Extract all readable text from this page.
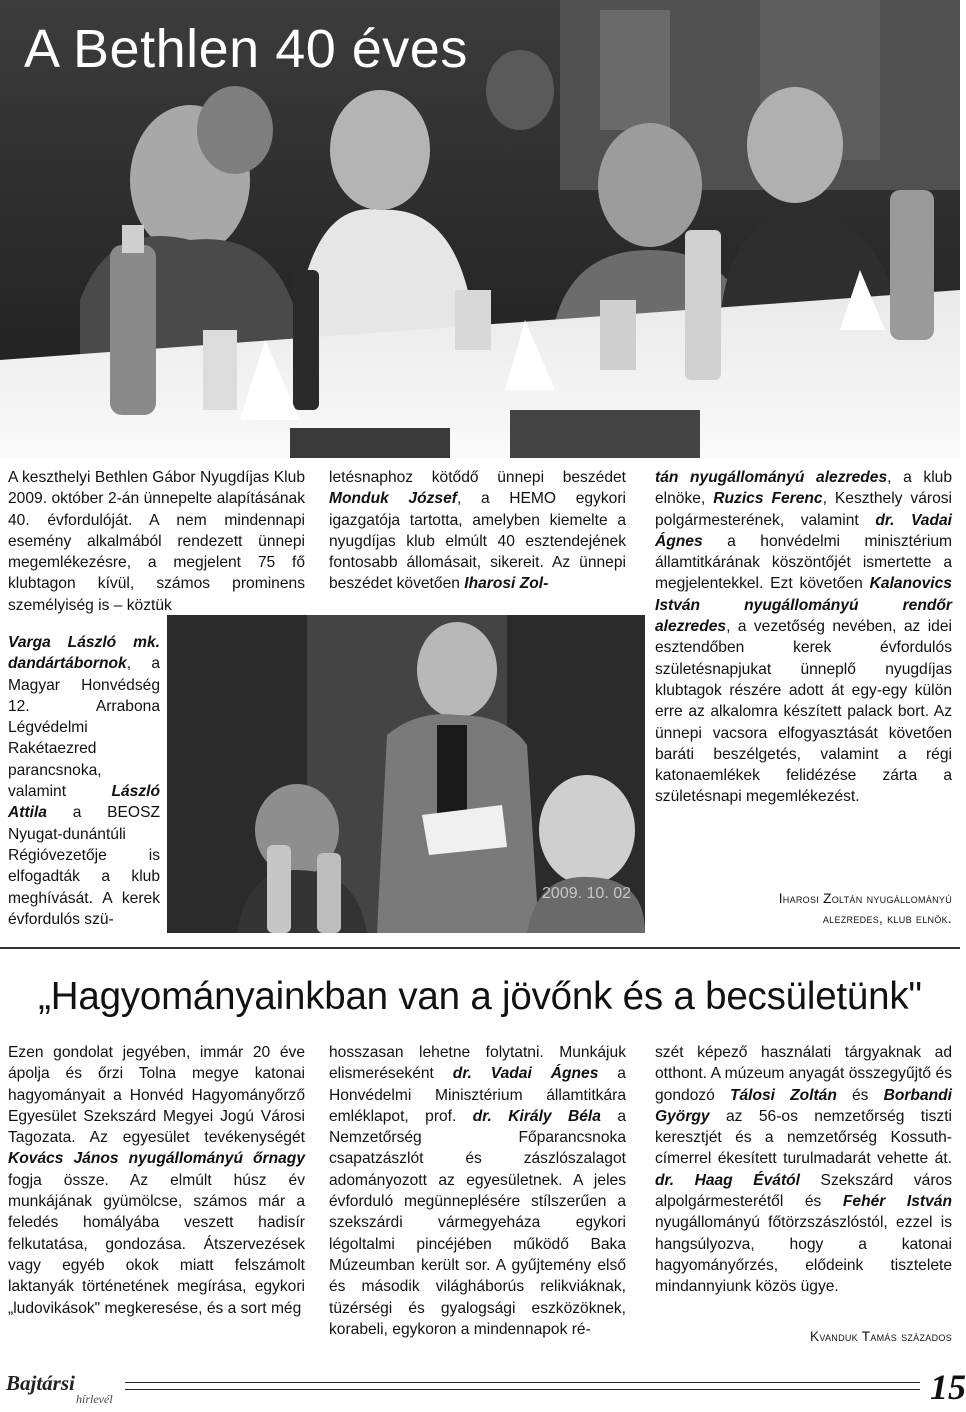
A Bethlen 40 éves

A keszthelyi Bethlen Gábor Nyugdíjas Klub 2009. október 2-án ünnepelte alapításának 40. évfordulóját. A nem mindennapi esemény alkalmából rendezett ünnepi megemlékezésre, a megjelent 75 fő klubtagon kívül, számos prominens személyiség is – köztük

Varga László mk. dandártábornok, a Magyar Honvédség 12. Arrabona Légvédelmi Rakétaezred parancsnoka, valamint	László Attila a BEOSZ Nyugat-dunántúli Régióvezetője is elfogadták a klub meghívását. A kerek évfordulós szü-

letésnaphoz kötődő ünnepi beszédet Monduk József, a HEMO egykori igazgatója tartotta, amelyben kiemelte a nyugdíjas klub elmúlt 40 esztendejének fontosabb állomásait, sikereit. Az ünnepi beszédet követően Iharosi Zol-

2009. 10. 02

tán nyugállományú alezredes, a klub elnöke, Ruzics Ferenc, Keszthely városi polgármesterének, valamint dr. Vadai Ágnes a honvédelmi minisztérium államtitkárának köszöntőjét ismertette a megjelentekkel. Ezt követően Kalanovics István nyugállományú rendőr alezredes, a vezetőség nevében, az idei esztendőben kerek évfordulós születésnapjukat ünneplő nyugdíjas klubtagok részére adott át egy-egy külön erre az alkalomra készített palack bort. Az ünnepi vacsora elfogyasztását követően baráti beszélgetés, valamint a régi katonaemlékek felidézése zárta a születésnapi megemlékezést.

Iharosi Zoltán nyugállományú
alezredes, klub elnök.
„Hagyományainkban van a jövőnk és a becsületünk"

Ezen gondolat jegyében, immár 20 éve ápolja és őrzi Tolna megye katonai hagyományait a Honvéd Hagyományőrző Egyesület Szekszárd Megyei Jogú Városi Tagozata. Az egyesület tevékenységét Kovács János nyugállományú őrnagy fogja össze. Az elmúlt húsz év munkájának gyümölcse, számos már a feledés homályába veszett hadisír felkutatása, gondozása. Átszervezések vagy egyéb okok miatt felszámolt laktanyák történetének megírása, egykori „ludovikások" megkeresése, és a sort még

hosszasan lehetne folytatni. Munkájuk elismeréseként dr. Vadai Ágnes a Honvédelmi Minisztérium államtitkára emléklapot, prof. dr. Király Béla a Nemzetőrség Főparancsnoka csapatzászlót és zászlószalagot adományozott az egyesületnek. A jeles évforduló megünneplésére stílszerűen a szekszárdi vármegyeháza egykori légoltalmi pincéjében működő Baka Múzeumban került sor. A gyűjtemény első és második világháborús relikviáknak, tüzérségi és gyalogsági eszközöknek, korabeli, egykoron a mindennapok ré-

szét képező használati tárgyaknak ad otthont. A múzeum anyagát összegyűjtő és gondozó Tálosi Zoltán és Borbandi György az 56-os nemzetőrség tiszti keresztjét és a nemzetőrség Kossuth-címerrel ékesített turulmadarát vehette át. dr. Haag Évától Szekszárd város alpolgármesterétől és Fehér István nyugállományú főtörzszászlóstól, ezzel is hangsúlyozva, hogy a katonai hagyományőrzés, elődeink tisztelete mindannyiunk közös ügye.

Kvanduk Tamás százados
Bajtársi
hírlevél	15
